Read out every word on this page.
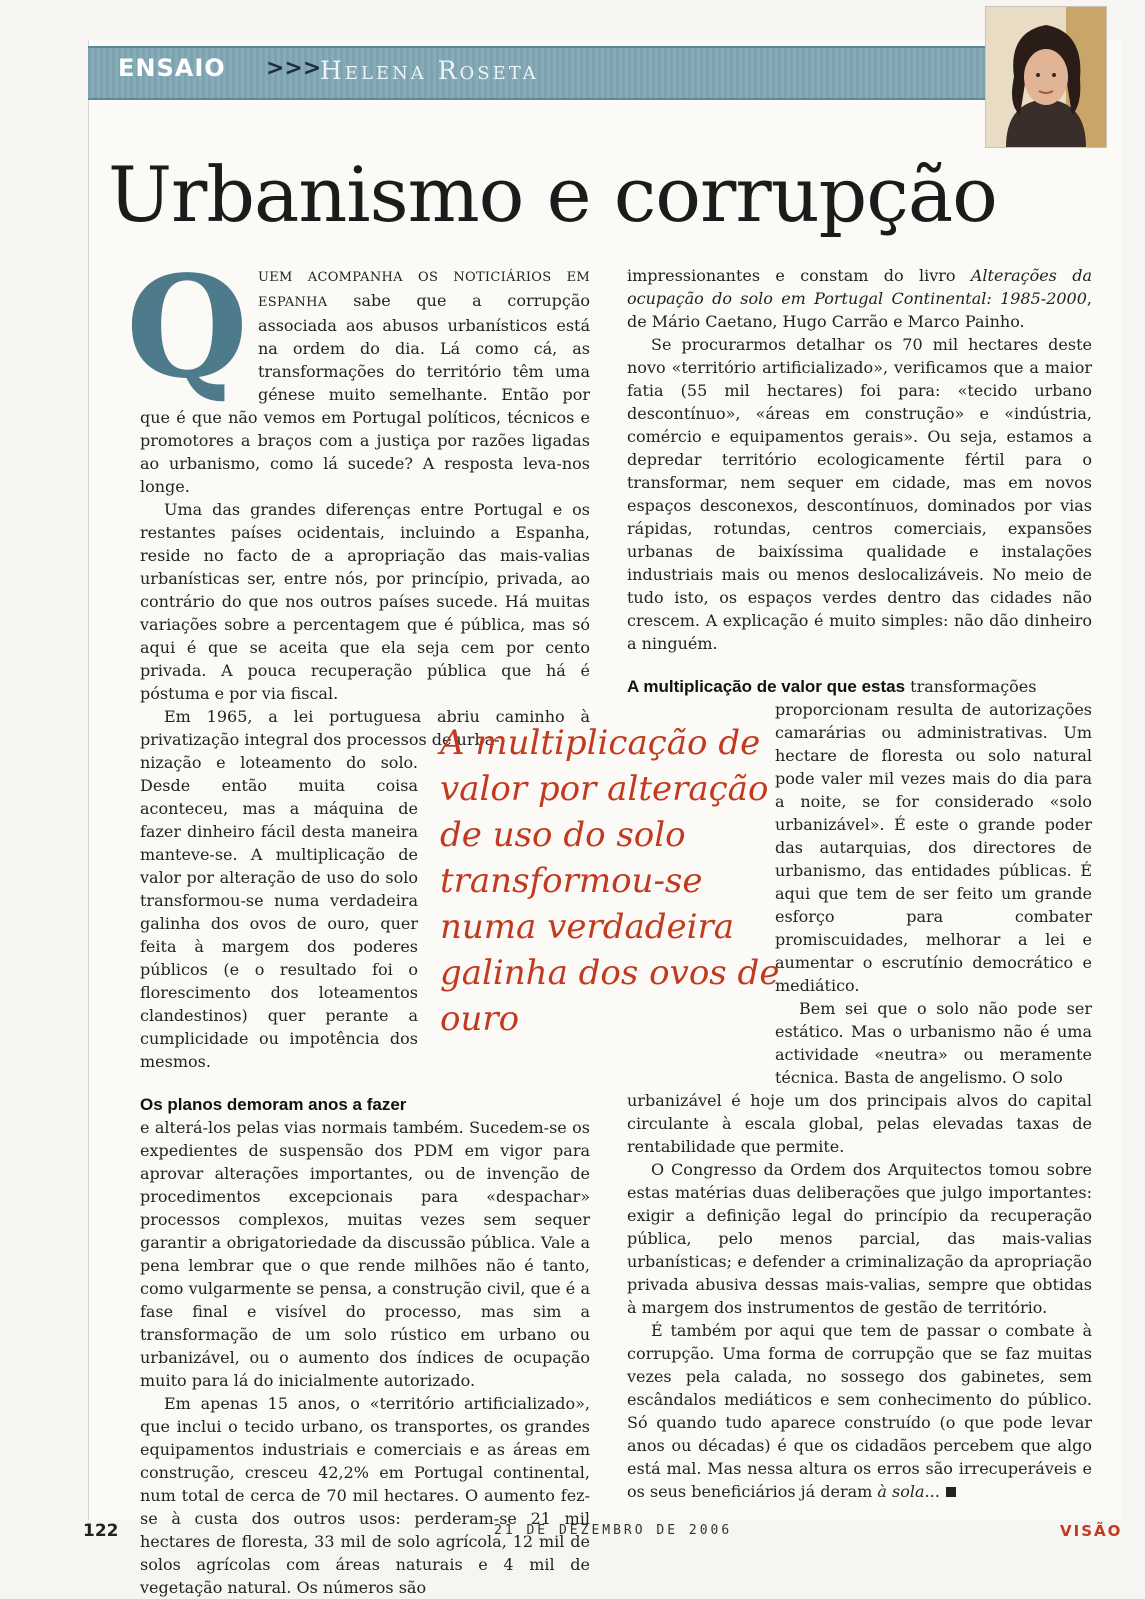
ENSAIO >>>
Helena Roseta
Urbanismo e corrupção

QUEM ACOMPANHA OS NOTICIÁRIOS EM ESPANHA sabe que a corrupção associada aos abusos urbanísticos está na ordem do dia. Lá como cá, as transformações do território têm uma génese muito semelhante. Então por que é que não vemos em Portugal políticos, técnicos e promotores a braços com a justiça por razões ligadas ao urbanismo, como lá sucede? A resposta leva-nos longe.

Uma das grandes diferenças entre Portugal e os restantes países ocidentais, incluindo a Espanha, reside no facto de a apropriação das mais-valias urbanísticas ser, entre nós, por princípio, privada, ao contrário do que nos outros países sucede. Há muitas variações sobre a percentagem que é pública, mas só aqui é que se aceita que ela seja cem por cento privada. A pouca recuperação pública que há é póstuma e por via fiscal.

Em 1965, a lei portuguesa abriu caminho à privatização integral dos processos de urba-

nização e loteamento do solo. Desde então muita coisa aconteceu, mas a máquina de fazer dinheiro fácil desta maneira manteve-se. A multiplicação de valor por alteração de uso do solo transformou-se numa verdadeira galinha dos ovos de ouro, quer feita à margem dos poderes públicos (e o resultado foi o florescimento dos loteamentos clandestinos) quer perante a cumplicidade ou impotência dos mesmos.

Os planos demoram anos a fazer

e alterá-los pelas vias normais também. Sucedem-se os expedientes de suspensão dos PDM em vigor para aprovar alterações importantes, ou de invenção de procedimentos excepcionais para «despachar» processos complexos, muitas vezes sem sequer garantir a obrigatoriedade da discussão pública. Vale a pena lembrar que o que rende milhões não é tanto, como vulgarmente se pensa, a construção civil, que é a fase final e visível do processo, mas sim a transformação de um solo rústico em urbano ou urbanizável, ou o aumento dos índices de ocupação muito para lá do inicialmente autorizado.

Em apenas 15 anos, o «território artificializado», que inclui o tecido urbano, os transportes, os grandes equipamentos industriais e comerciais e as áreas em construção, cresceu 42,2% em Portugal continental, num total de cerca de 70 mil hectares. O aumento fez-se à custa dos outros usos: perderam-se 21 mil hectares de floresta, 33 mil de solo agrícola, 12 mil de solos agrícolas com áreas naturais e 4 mil de vegetação natural. Os números são

A multiplicação de valor por alteração de uso do solo transformou-se numa verdadeira galinha dos ovos de ouro

impressionantes e constam do livro Alterações da ocupação do solo em Portugal Continental: 1985-2000, de Mário Caetano, Hugo Carrão e Marco Painho.

Se procurarmos detalhar os 70 mil hectares deste novo «território artificializado», verificamos que a maior fatia (55 mil hectares) foi para: «tecido urbano descontínuo», «áreas em construção» e «indústria, comércio e equipamentos gerais». Ou seja, estamos a depredar território ecologicamente fértil para o transformar, nem sequer em cidade, mas em novos espaços desconexos, descontínuos, dominados por vias rápidas, rotundas, centros comerciais, expansões urbanas de baixíssima qualidade e instalações industriais mais ou menos deslocalizáveis. No meio de tudo isto, os espaços verdes dentro das cidades não crescem. A explicação é muito simples: não dão dinheiro a ninguém.

A multiplicação de valor que estas transformações

proporcionam resulta de autorizações camarárias ou administrativas. Um hectare de floresta ou solo natural pode valer mil vezes mais do dia para a noite, se for considerado «solo urbanizável». É este o grande poder das autarquias, dos directores de urbanismo, das entidades públicas. É aqui que tem de ser feito um grande esforço para combater promiscuidades, melhorar a lei e aumentar o escrutínio democrático e mediático.

Bem sei que o solo não pode ser estático. Mas o urbanismo não é uma actividade «neutra» ou meramente técnica. Basta de angelismo. O solo

urbanizável é hoje um dos principais alvos do capital circulante à escala global, pelas elevadas taxas de rentabilidade que permite.

O Congresso da Ordem dos Arquitectos tomou sobre estas matérias duas deliberações que julgo importantes: exigir a definição legal do princípio da recuperação pública, pelo menos parcial, das mais-valias urbanísticas; e defender a criminalização da apropriação privada abusiva dessas mais-valias, sempre que obtidas à margem dos instrumentos de gestão de território.

É também por aqui que tem de passar o combate à corrupção. Uma forma de corrupção que se faz muitas vezes pela calada, no sossego dos gabinetes, sem escândalos mediáticos e sem conhecimento do público. Só quando tudo aparece construído (o que pode levar anos ou décadas) é que os cidadãos percebem que algo está mal. Mas nessa altura os erros são irrecuperáveis e os seus beneficiários já deram à sola...

122	21 DE DEZEMBRO DE 2006	VISÃO
